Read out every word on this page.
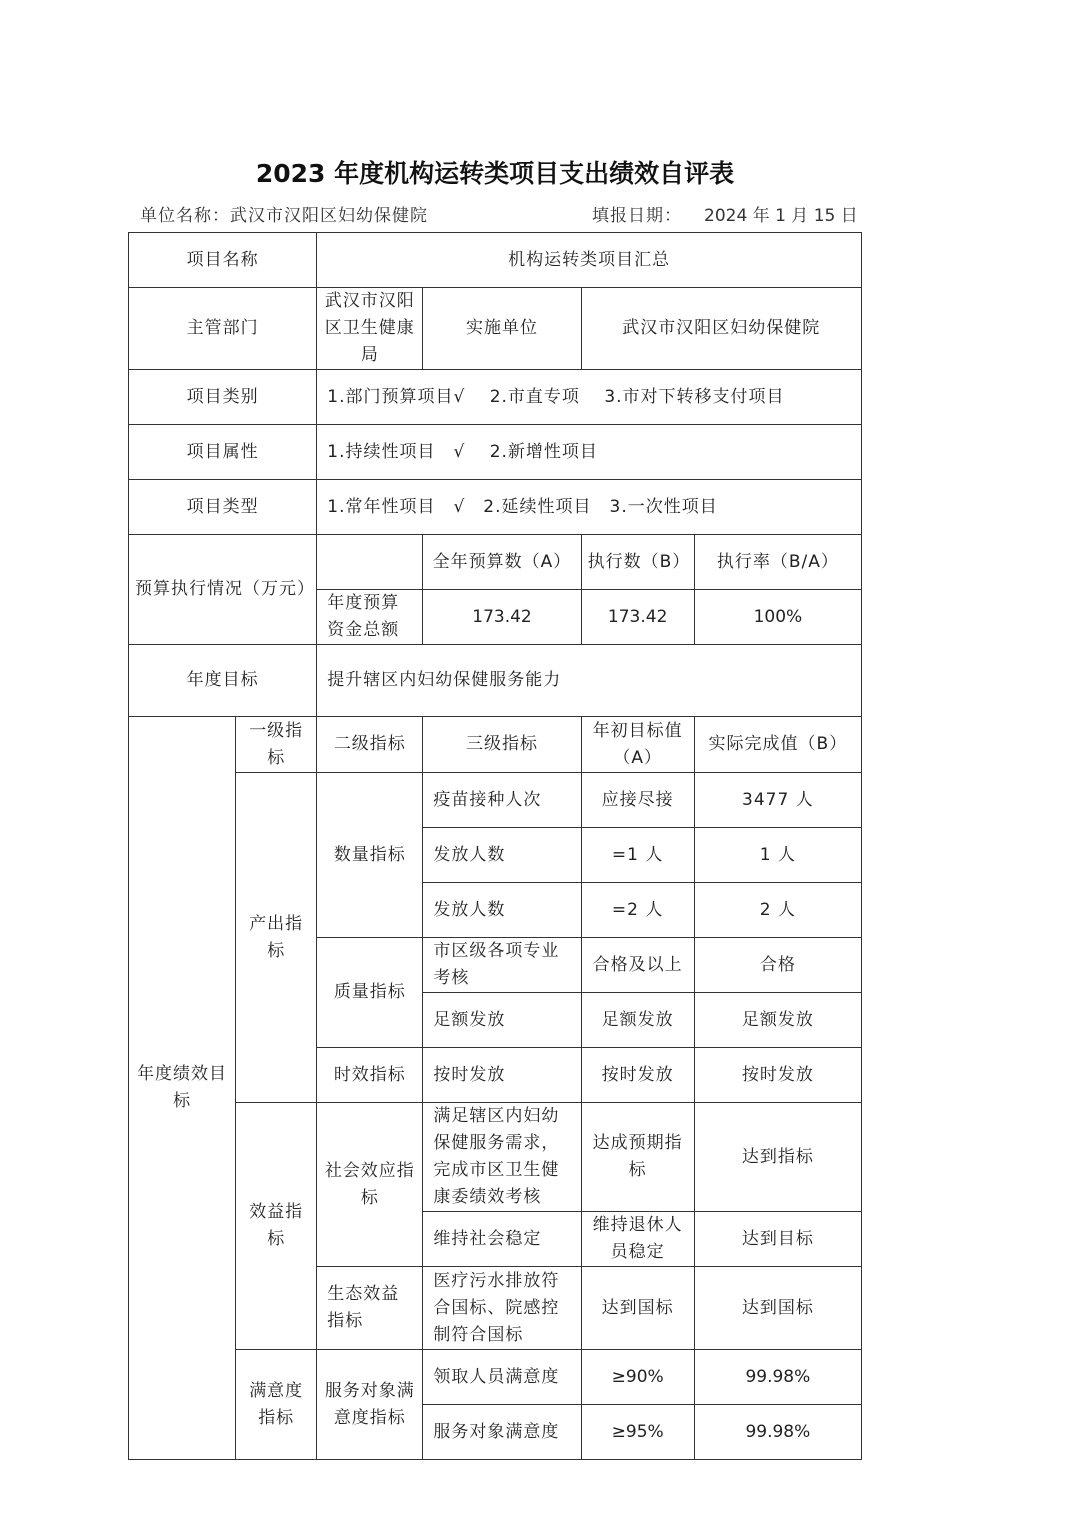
2023 年度机构运转类项目支出绩效自评表
单位名称：武汉市汉阳区妇幼保健院	填报日期： 2024 年 1 月 15 日
项目名称		机构运转类项目汇总			
主管部门		武汉市汉阳区卫生健康局	实施单位	武汉市汉阳区妇幼保健院	
项目类别		1.部门预算项目√　 2.市直专项　 3.市对下转移支付项目			
项目属性		1.持续性项目　√　 2.新增性项目			
项目类型		1.常年性项目　√　2.延续性项目　3.一次性项目			
预算执行情况（万元）			全年预算数（A）	执行数（B）	执行率（B/A）
		年度预算资金总额	173.42	173.42	100%
年度目标		提升辖区内妇幼保健服务能力			
年度绩效目标	一级指标	二级指标	三级指标	年初目标值（A）	实际完成值（B）
	产出指标	数量指标	疫苗接种人次	应接尽接	3477 人
			发放人数	=1 人	1 人
			发放人数	=2 人	2 人
		质量指标	市区级各项专业考核	合格及以上	合格
			足额发放	足额发放	足额发放
		时效指标	按时发放	按时发放	按时发放
	效益指标	社会效应指标	满足辖区内妇幼保健服务需求，完成市区卫生健康委绩效考核	达成预期指标	达到指标
			维持社会稳定	维持退休人员稳定	达到目标
		生态效益指标	医疗污水排放符合国标、院感控制符合国标	达到国标	达到国标
	满意度指标	服务对象满意度指标	领取人员满意度	≥90%	99.98%
			服务对象满意度	≥95%	99.98%
